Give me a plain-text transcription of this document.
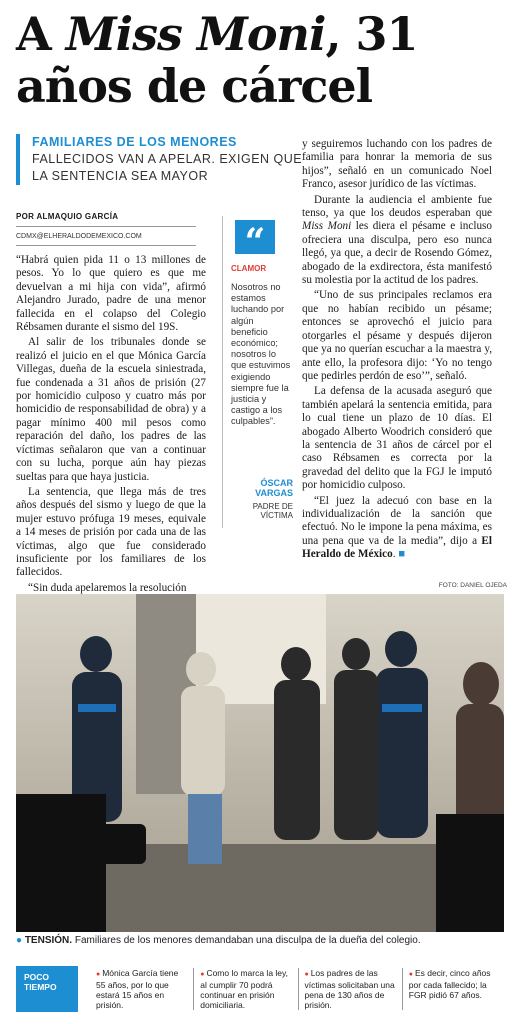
A Miss Moni, 31 años de cárcel
FAMILIARES DE LOS MENORES
FALLECIDOS VAN A APELAR. EXIGEN QUE LA SENTENCIA SEA MAYOR
POR ALMAQUIO GARCÍA
CDMX@ELHERALDODEMEXICO.COM

“Habrá quien pida 11 o 13 millones de pesos. Yo lo que quiero es que me devuelvan a mi hija con vida”, afirmó Alejandro Jurado, padre de una menor fallecida en el colapso del Colegio Rébsamen durante el sismo del 19S.

Al salir de los tribunales donde se realizó el juicio en el que Mónica García Villegas, dueña de la escuela siniestrada, fue condenada a 31 años de prisión (27 por homicidio culposo y cuatro más por homicidio de responsabilidad de obra) y a pagar mínimo 400 mil pesos como reparación del daño, los padres de las víctimas señalaron que van a continuar con su lucha, porque aún hay piezas sueltas para que haya justicia.

La sentencia, que llega más de tres años después del sismo y luego de que la mujer estuvo prófuga 19 meses, equivale a 14 meses de prisión por cada una de las víctimas, algo que fue considerado insuficiente por los familiares de los fallecidos.

“Sin duda apelaremos la resolución

“
CLAMOR
Nosotros no estamos luchando por algún beneficio económico; nosotros lo que estuvimos exigiendo siempre fue la justicia y castigo a los culpables”.
ÓSCAR VARGAS
PADRE DE VÍCTIMA

y seguiremos luchando con los padres de familia para honrar la memoria de sus hijos”, señaló en un comunicado Noel Franco, asesor jurídico de las víctimas.

Durante la audiencia el ambiente fue tenso, ya que los deudos esperaban que Miss Moni les diera el pésame e incluso ofreciera una disculpa, pero eso nunca llegó, ya que, a decir de Rosendo Gómez, abogado de la exdirectora, ésta manifestó su molestia por la actitud de los padres.

“Uno de sus principales reclamos era que no habían recibido un pésame; entonces se aprovechó el juicio para otorgarles el pésame y después dijeron que ya no querían escuchar a la maestra y, ante ello, la profesora dijo: ‘Yo no tengo que pedirles perdón de eso’”, señaló.

La defensa de la acusada aseguró que también apelará la sentencia emitida, para lo cual tiene un plazo de 10 días. El abogado Alberto Woodrich consideró que la sentencia de 31 años de cárcel por el caso Rébsamen es correcta por la gravedad del delito que la FGJ le imputó por homicidio culposo.

“El juez la adecuó con base en la individualización de la sanción que efectuó. No le impone la pena máxima, es una pena que va de la media”, dijo a El Heraldo de México. ■

FOTO: DANIEL OJEDA
● TENSIÓN. Familiares de los menores demandaban una disculpa de la dueña del colegio.
POCO
TIEMPO
● Mónica García tiene 55 años, por lo que estará 15 años en prisión.
● Como lo marca la ley, al cumplir 70 podrá continuar en prisión domiciliaria.
● Los padres de las víctimas solicitaban una pena de 130 años de prisión.
● Es decir, cinco años por cada fallecido; la FGR pidió 67 años.
